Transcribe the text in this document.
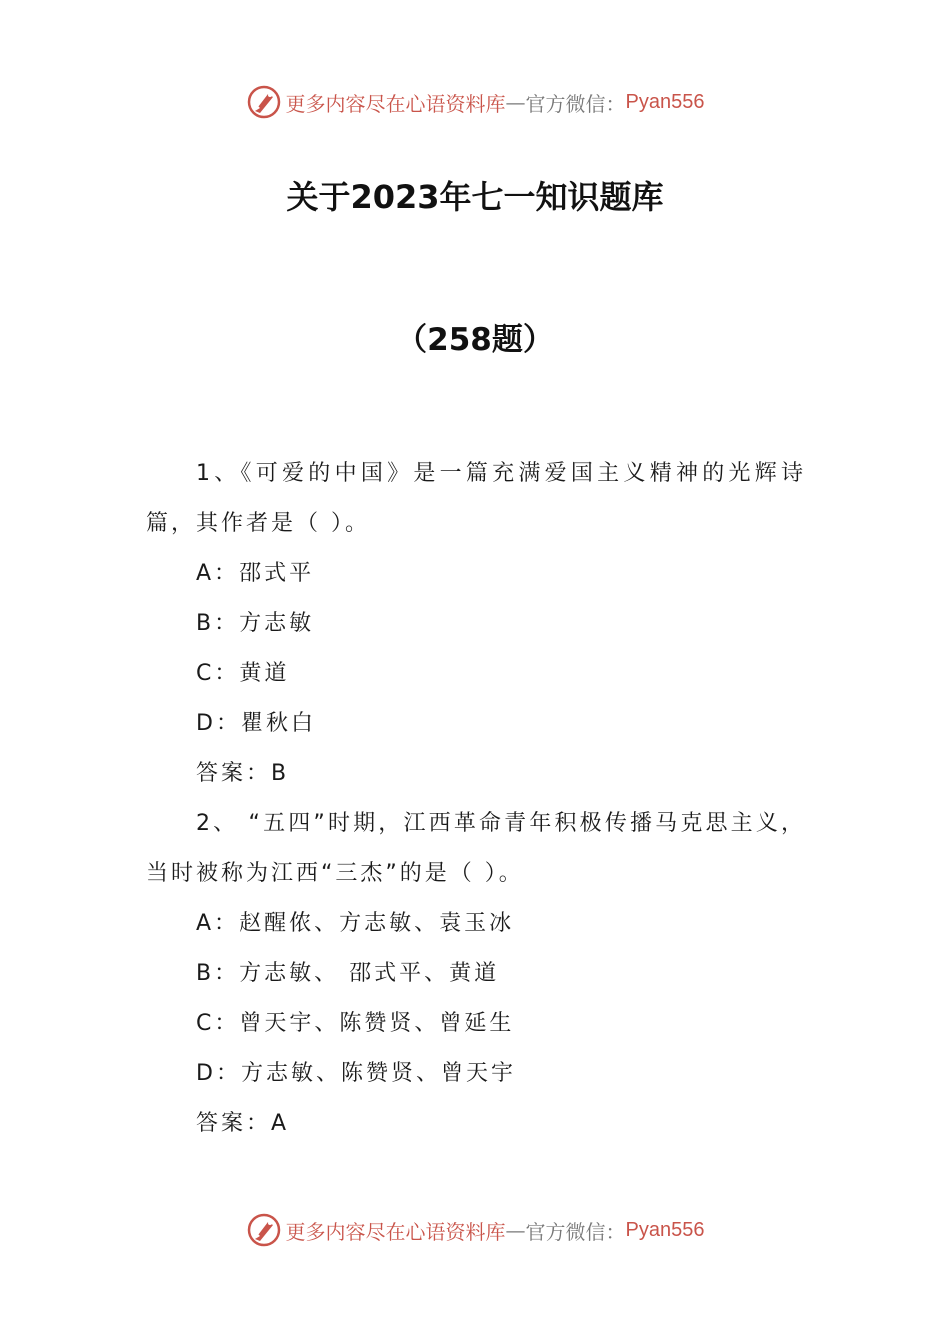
更多内容尽在心语资料库 — 官方微信： Pyan556
关于2023年七一知识题库
（258题）
1、《可爱的中国》是一篇充满爱国主义精神的光辉诗篇，其作者是（ ）。
A：邵式平
B：方志敏
C：黄道
D：瞿秋白
答案：B
2、 “五四”时期，江西革命青年积极传播马克思主义，当时被称为江西“三杰”的是（ ）。
A：赵醒侬、方志敏、袁玉冰
B：方志敏、 邵式平、黄道
C：曾天宇、陈赞贤、曾延生
D：方志敏、陈赞贤、曾天宇
答案：A
更多内容尽在心语资料库 — 官方微信： Pyan556
